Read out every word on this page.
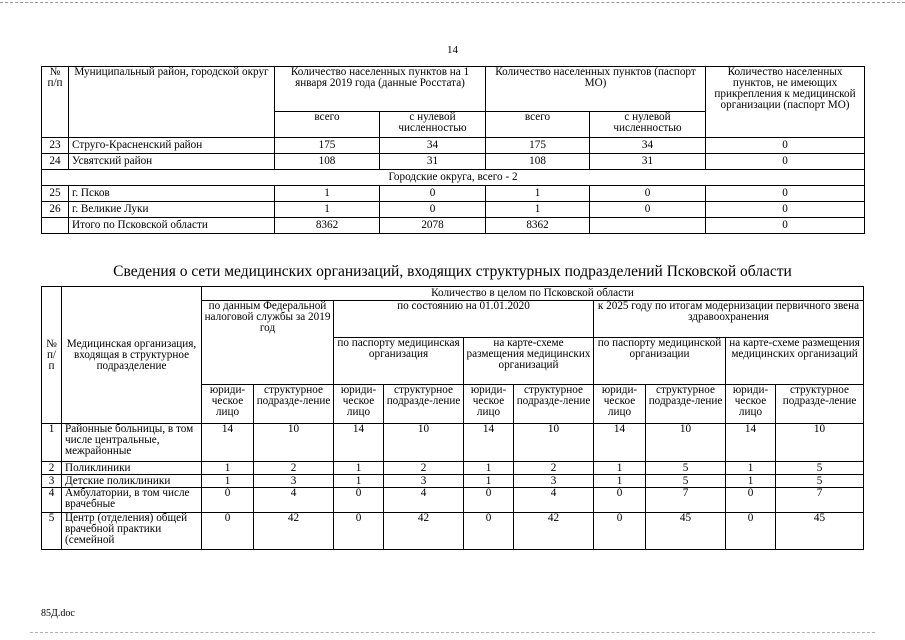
14
№ п/п	Муниципальный район, городской округ	Количество населенных пунктов на 1 января 2019 года (данные Росстата)		Количество населенных пунктов (паспорт МО)		Количество населенных пунктов, не имеющих прикрепления к медицинской организации (паспорт МО)
		всего	с нулевой численностью	всего	с нулевой численностью	
23	Струго-Красненский район	175	34	175	34	0
24	Усвятский район	108	31	108	31	0
Городские округа, всего - 2						
25	г. Псков	1	0	1	0	0
26	г. Великие Луки	1	0	1	0	0
	Итого по Псковской области	8362	2078	8362		0
Сведения о сети медицинских организаций, входящих структурных подразделений Псковской области
№ п/п	Медицинская организация, входящая в структурное подразделение	Количество в целом по Псковской области									
		по данным Федеральной налоговой службы за 2019 год		по состоянию на 01.01.2020				к 2025 году по итогам модернизации первичного звена здравоохранения			
				по паспорту медицинская организация		на карте-схеме размещения медицинских организаций		по паспорту медицинской организации		на карте-схеме размещения медицинских организаций	
		юриди-ческое лицо	структурное подразде-ление	юриди-ческое лицо	структурное подразде-ление	юриди-ческое лицо	структурное подразде-ление	юриди-ческое лицо	структурное подразде-ление	юриди-ческое лицо	структурное подразде-ление
1	Районные больницы, в том числе центральные, межрайонные	14	10	14	10	14	10	14	10	14	10
2	Поликлиники	1	2	1	2	1	2	1	5	1	5
3	Детские поликлиники	1	3	1	3	1	3	1	5	1	5
4	Амбулатории, в том числе врачебные	0	4	0	4	0	4	0	7	0	7
5	Центр (отделения) общей врачебной практики (семейной	0	42	0	42	0	42	0	45	0	45
85Д.doc
